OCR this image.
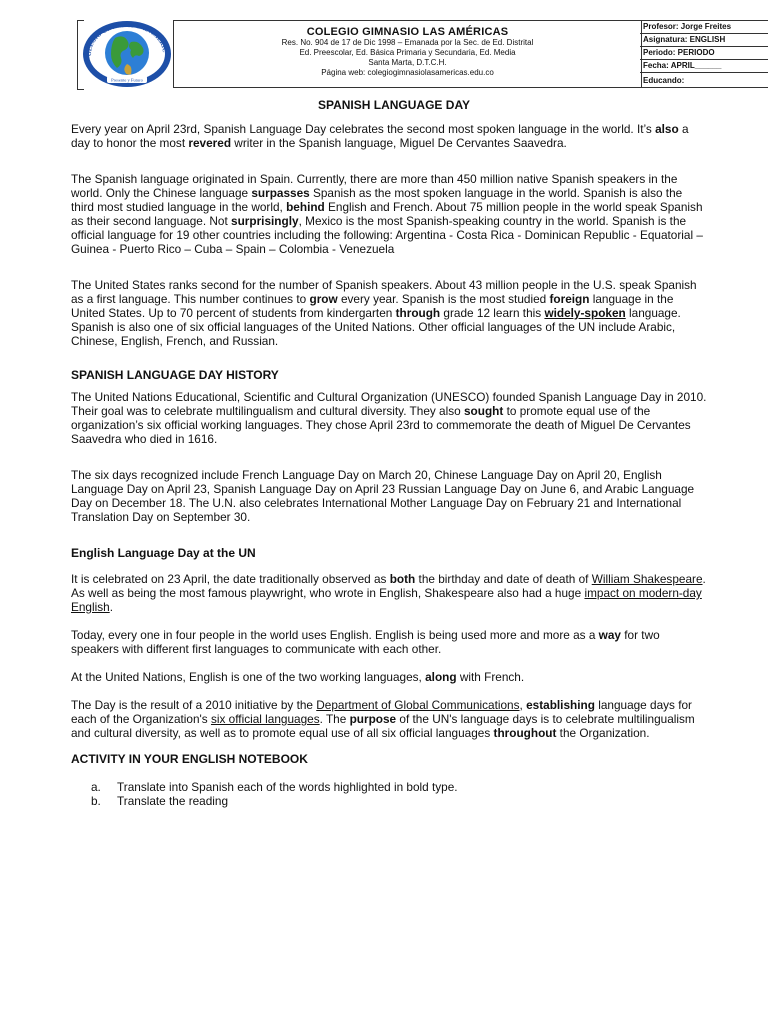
OLEGIO GIMNASIO LAS AMÉRIC
Presente y Futuro
COLEGIO GIMNASIO LAS AMÉRICAS
Res. No. 904 de 17 de Dic 1998 – Emanada por la Sec. de Ed. Distrital
Ed. Preescolar, Ed. Básica Primaria y Secundaria, Ed. Media
Santa Marta, D.T.C.H.
Página web: colegiogimnasiolasamericas.edu.co
Profesor: Jorge Freites
Asignatura: ENGLISH
Periodo: PERIODO
Fecha: APRIL______
Educando:
SPANISH LANGUAGE DAY

Every year on April 23rd, Spanish Language Day celebrates the second most spoken language in the world. It’s also a day to honor the most revered writer in the Spanish language, Miguel De Cervantes Saavedra.

The Spanish language originated in Spain. Currently, there are more than 450 million native Spanish speakers in the world. Only the Chinese language surpasses Spanish as the most spoken language in the world. Spanish is also the third most studied language in the world, behind English and French. About 75 million people in the world speak Spanish as their second language. Not surprisingly, Mexico is the most Spanish-speaking country in the world. Spanish is the official language for 19 other countries including the following: Argentina - Costa Rica - Dominican Republic - Equatorial – Guinea - Puerto Rico – Cuba – Spain – Colombia - Venezuela

The United States ranks second for the number of Spanish speakers. About 43 million people in the U.S. speak Spanish as a first language. This number continues to grow every year. Spanish is the most studied foreign language in the United States. Up to 70 percent of students from kindergarten through grade 12 learn this widely-spoken language.

Spanish is also one of six official languages of the United Nations. Other official languages of the UN include Arabic, Chinese, English, French, and Russian.

SPANISH LANGUAGE DAY HISTORY

The United Nations Educational, Scientific and Cultural Organization (UNESCO) founded Spanish Language Day in 2010. Their goal was to celebrate multilingualism and cultural diversity. They also sought to promote equal use of the organization’s six official working languages. They chose April 23rd to commemorate the death of Miguel De Cervantes Saavedra who died in 1616.

The six days recognized include French Language Day on March 20, Chinese Language Day on April 20, English Language Day on April 23, Spanish Language Day on April 23 Russian Language Day on June 6, and Arabic Language Day on December 18. The U.N. also celebrates International Mother Language Day on February 21 and International Translation Day on September 30.

English Language Day at the UN

It is celebrated on 23 April, the date traditionally observed as both the birthday and date of death of William Shakespeare. As well as being the most famous playwright, who wrote in English, Shakespeare also had a huge impact on modern-day English.

Today, every one in four people in the world uses English. English is being used more and more as a way for two speakers with different first languages to communicate with each other.

At the United Nations, English is one of the two working languages, along with French.

The Day is the result of a 2010 initiative by the Department of Global Communications, establishing language days for each of the Organization's six official languages. The purpose of the UN's language days is to celebrate multilingualism and cultural diversity, as well as to promote equal use of all six official languages throughout the Organization.

ACTIVITY IN YOUR ENGLISH NOTEBOOK
a. Translate into Spanish each of the words highlighted in bold type.
b. Translate the reading
